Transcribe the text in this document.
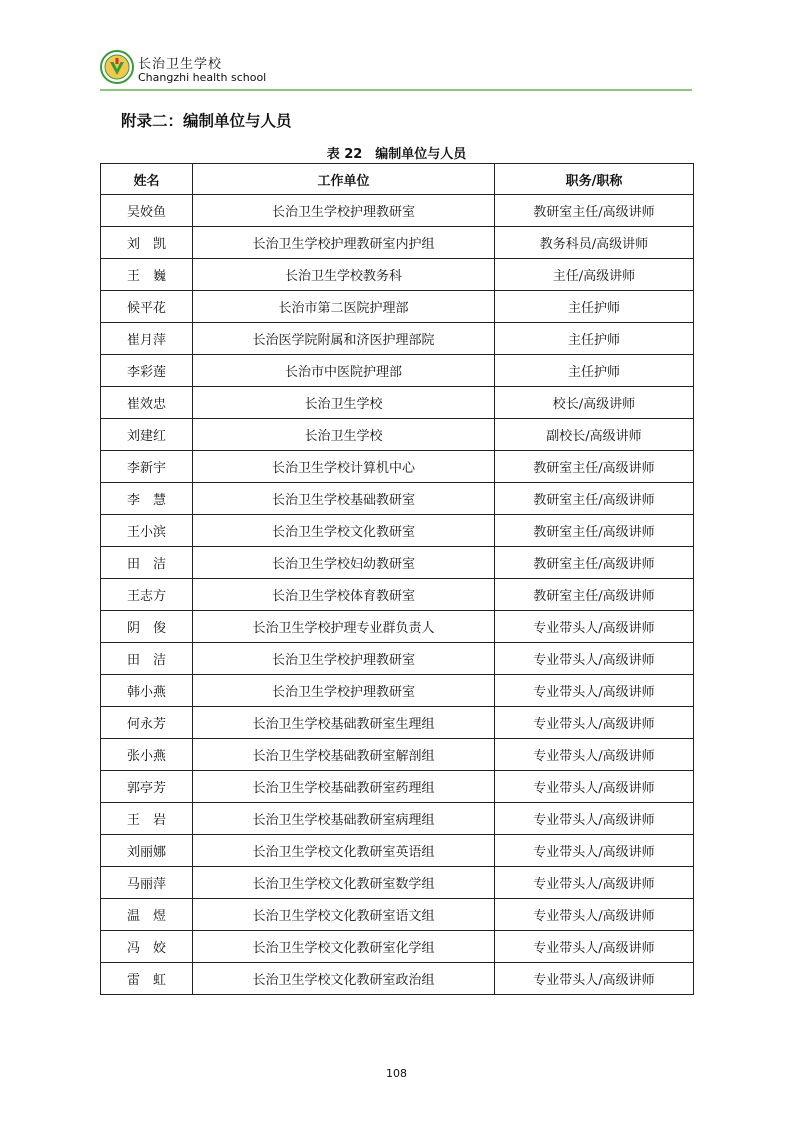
长治卫生学校
Changzhi health school
附录二：编制单位与人员
表 22　编制单位与人员
姓名	工作单位	职务/职称
吴姣鱼	长治卫生学校护理教研室	教研室主任/高级讲师
刘　凯	长治卫生学校护理教研室内护组	教务科员/高级讲师
王　巍	长治卫生学校教务科	主任/高级讲师
候平花	长治市第二医院护理部	主任护师
崔月萍	长治医学院附属和济医护理部院	主任护师
李彩莲	长治市中医院护理部	主任护师
崔效忠	长治卫生学校	校长/高级讲师
刘建红	长治卫生学校	副校长/高级讲师
李新宇	长治卫生学校计算机中心	教研室主任/高级讲师
李　慧	长治卫生学校基础教研室	教研室主任/高级讲师
王小滨	长治卫生学校文化教研室	教研室主任/高级讲师
田　洁	长治卫生学校妇幼教研室	教研室主任/高级讲师
王志方	长治卫生学校体育教研室	教研室主任/高级讲师
阴　俊	长治卫生学校护理专业群负责人	专业带头人/高级讲师
田　洁	长治卫生学校护理教研室	专业带头人/高级讲师
韩小燕	长治卫生学校护理教研室	专业带头人/高级讲师
何永芳	长治卫生学校基础教研室生理组	专业带头人/高级讲师
张小燕	长治卫生学校基础教研室解剖组	专业带头人/高级讲师
郭亭芳	长治卫生学校基础教研室药理组	专业带头人/高级讲师
王　岩	长治卫生学校基础教研室病理组	专业带头人/高级讲师
刘丽娜	长治卫生学校文化教研室英语组	专业带头人/高级讲师
马丽萍	长治卫生学校文化教研室数学组	专业带头人/高级讲师
温　煜	长治卫生学校文化教研室语文组	专业带头人/高级讲师
冯　姣	长治卫生学校文化教研室化学组	专业带头人/高级讲师
雷　虹	长治卫生学校文化教研室政治组	专业带头人/高级讲师
108
